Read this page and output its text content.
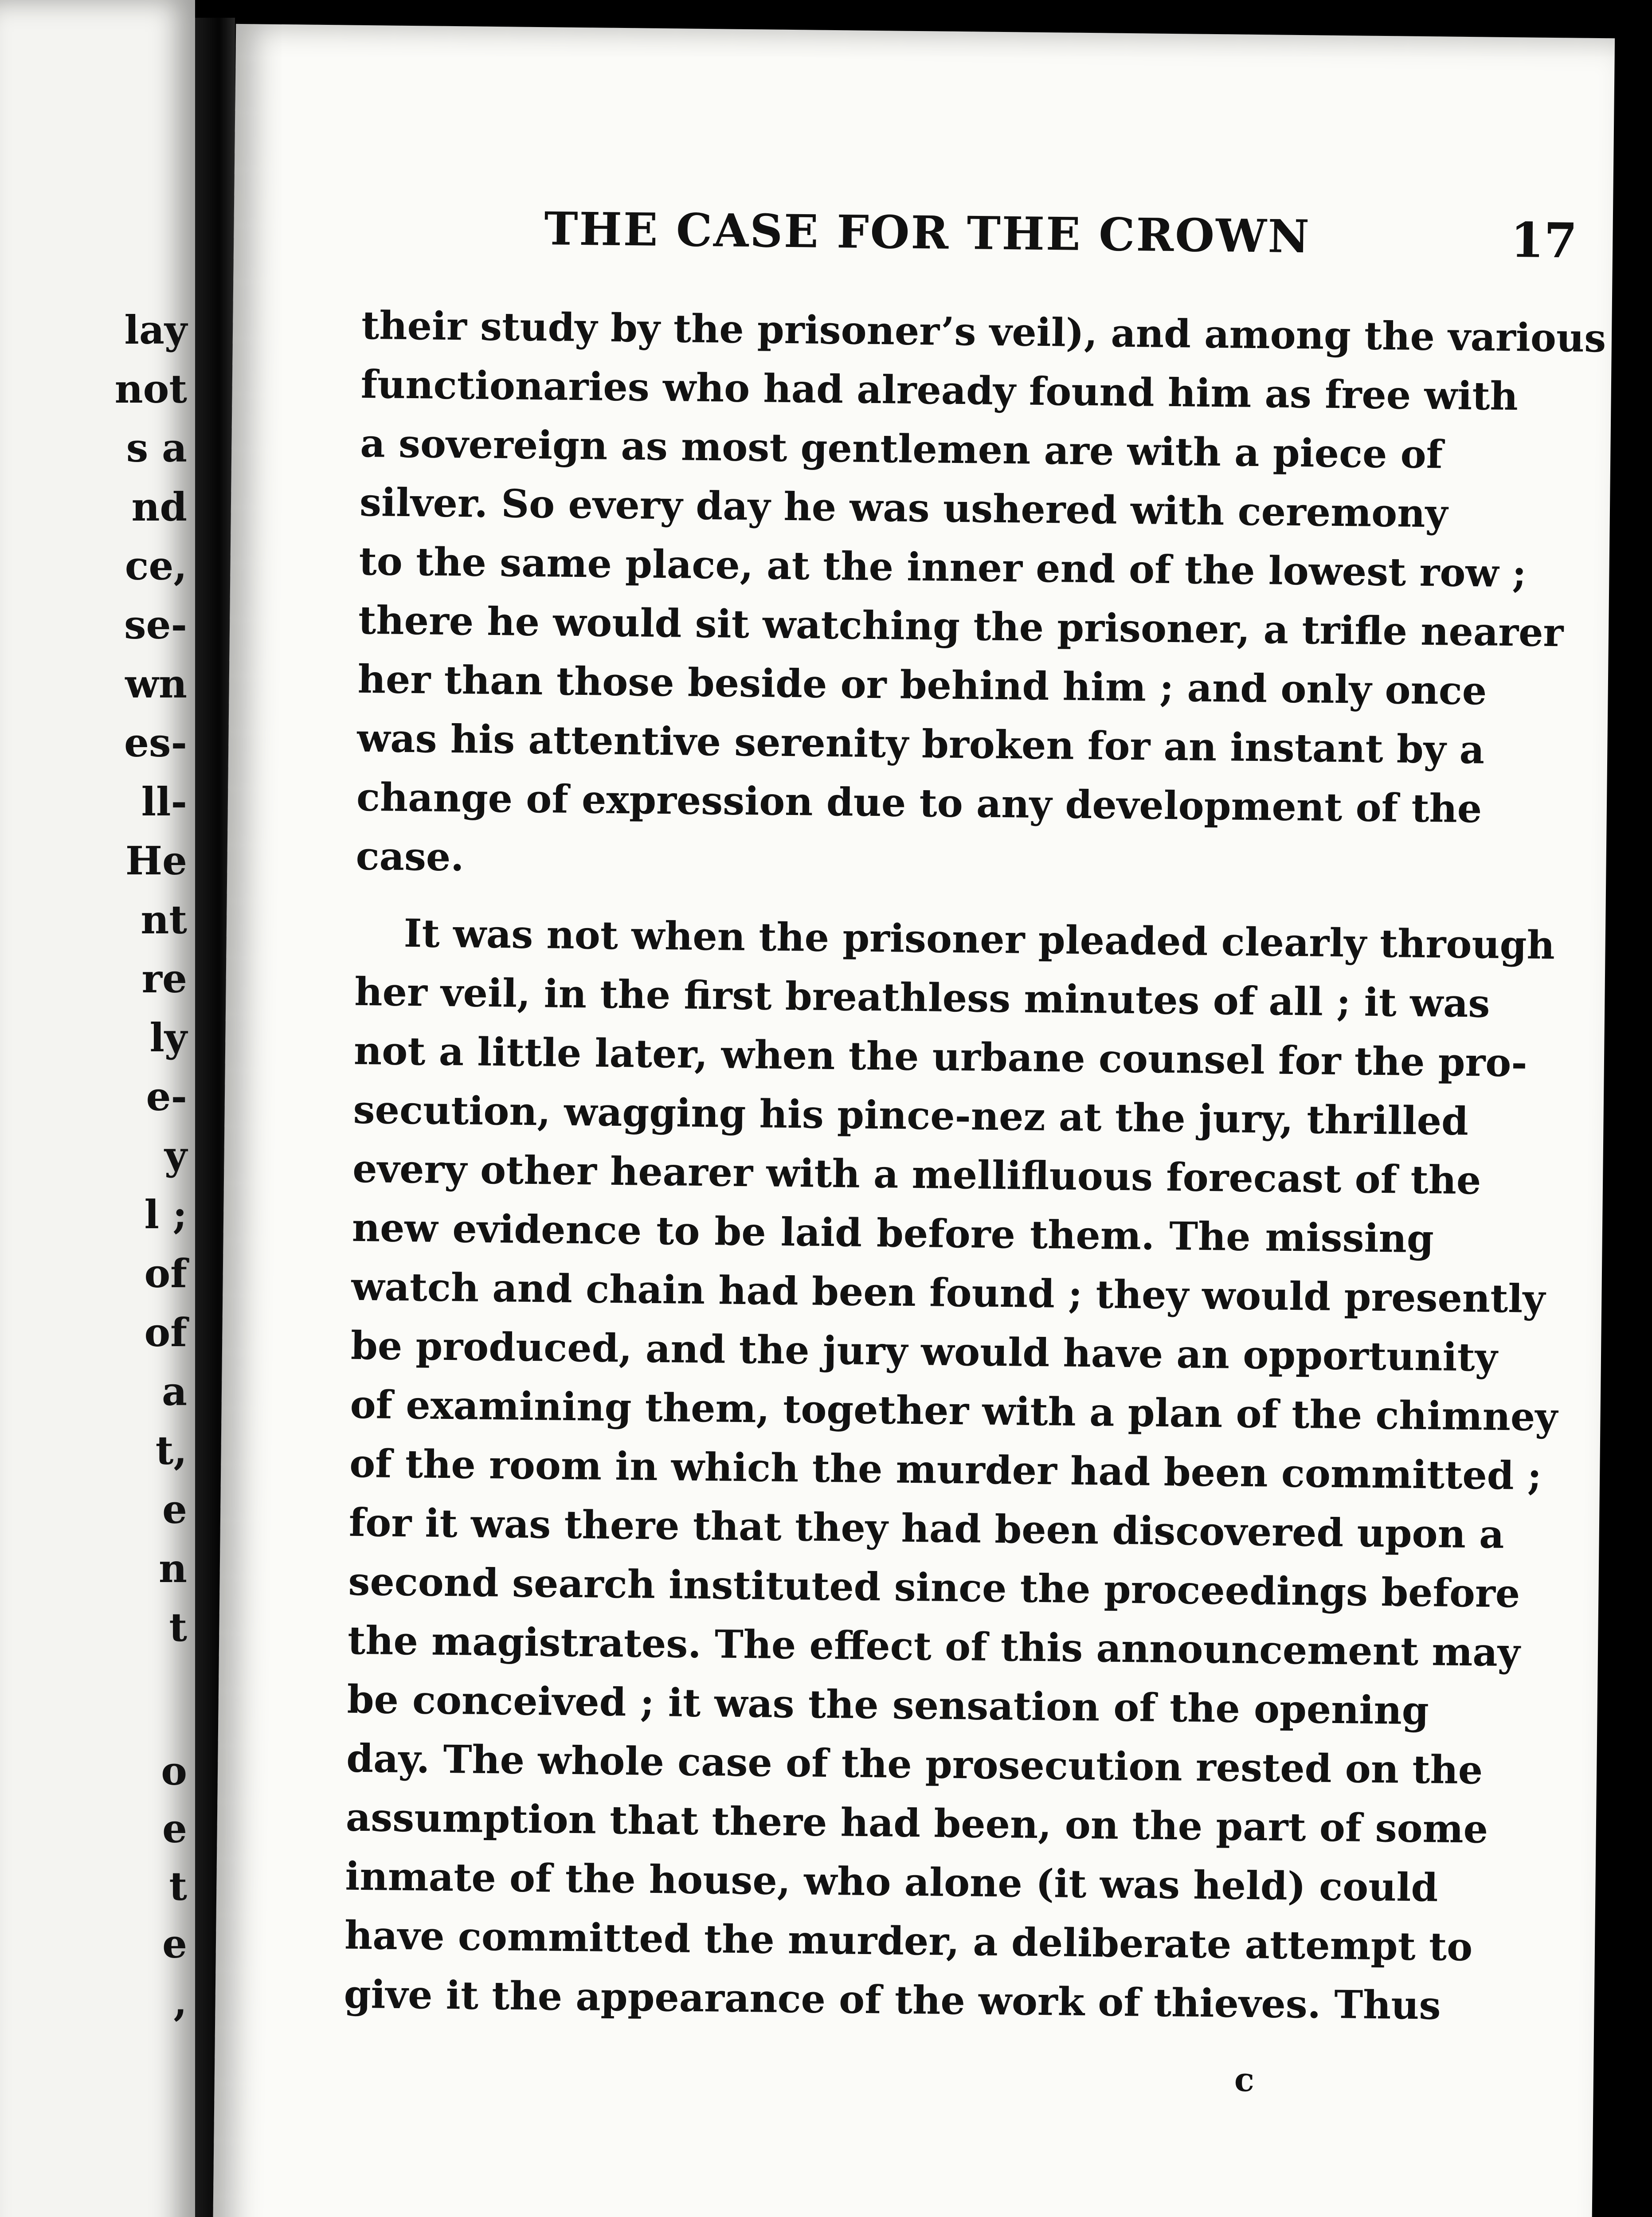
lay
not
s a
nd
ce,
se-
wn
es-
ll-
He
nt
re
ly
e-
y
l ;
of
of
a
t,
e
n
t
o
e
t
e
,
THE CASE FOR THE CROWN	17
their study by the prisoner’s veil), and among the various
functionaries who had already found him as free with
a sovereign as most gentlemen are with a piece of
silver. So every day he was ushered with ceremony
to the same place, at the inner end of the lowest row ;
there he would sit watching the prisoner, a trifle nearer
her than those beside or behind him ; and only once
was his attentive serenity broken for an instant by a
change of expression due to any development of the
case.
It was not when the prisoner pleaded clearly through
her veil, in the first breathless minutes of all ; it was
not a little later, when the urbane counsel for the pro-
secution, wagging his pince-nez at the jury, thrilled
every other hearer with a mellifluous forecast of the
new evidence to be laid before them. The missing
watch and chain had been found ; they would presently
be produced, and the jury would have an opportunity
of examining them, together with a plan of the chimney
of the room in which the murder had been committed ;
for it was there that they had been discovered upon a
second search instituted since the proceedings before
the magistrates. The effect of this announcement may
be conceived ; it was the sensation of the opening
day. The whole case of the prosecution rested on the
assumption that there had been, on the part of some
inmate of the house, who alone (it was held) could
have committed the murder, a deliberate attempt to
give it the appearance of the work of thieves. Thus
c
